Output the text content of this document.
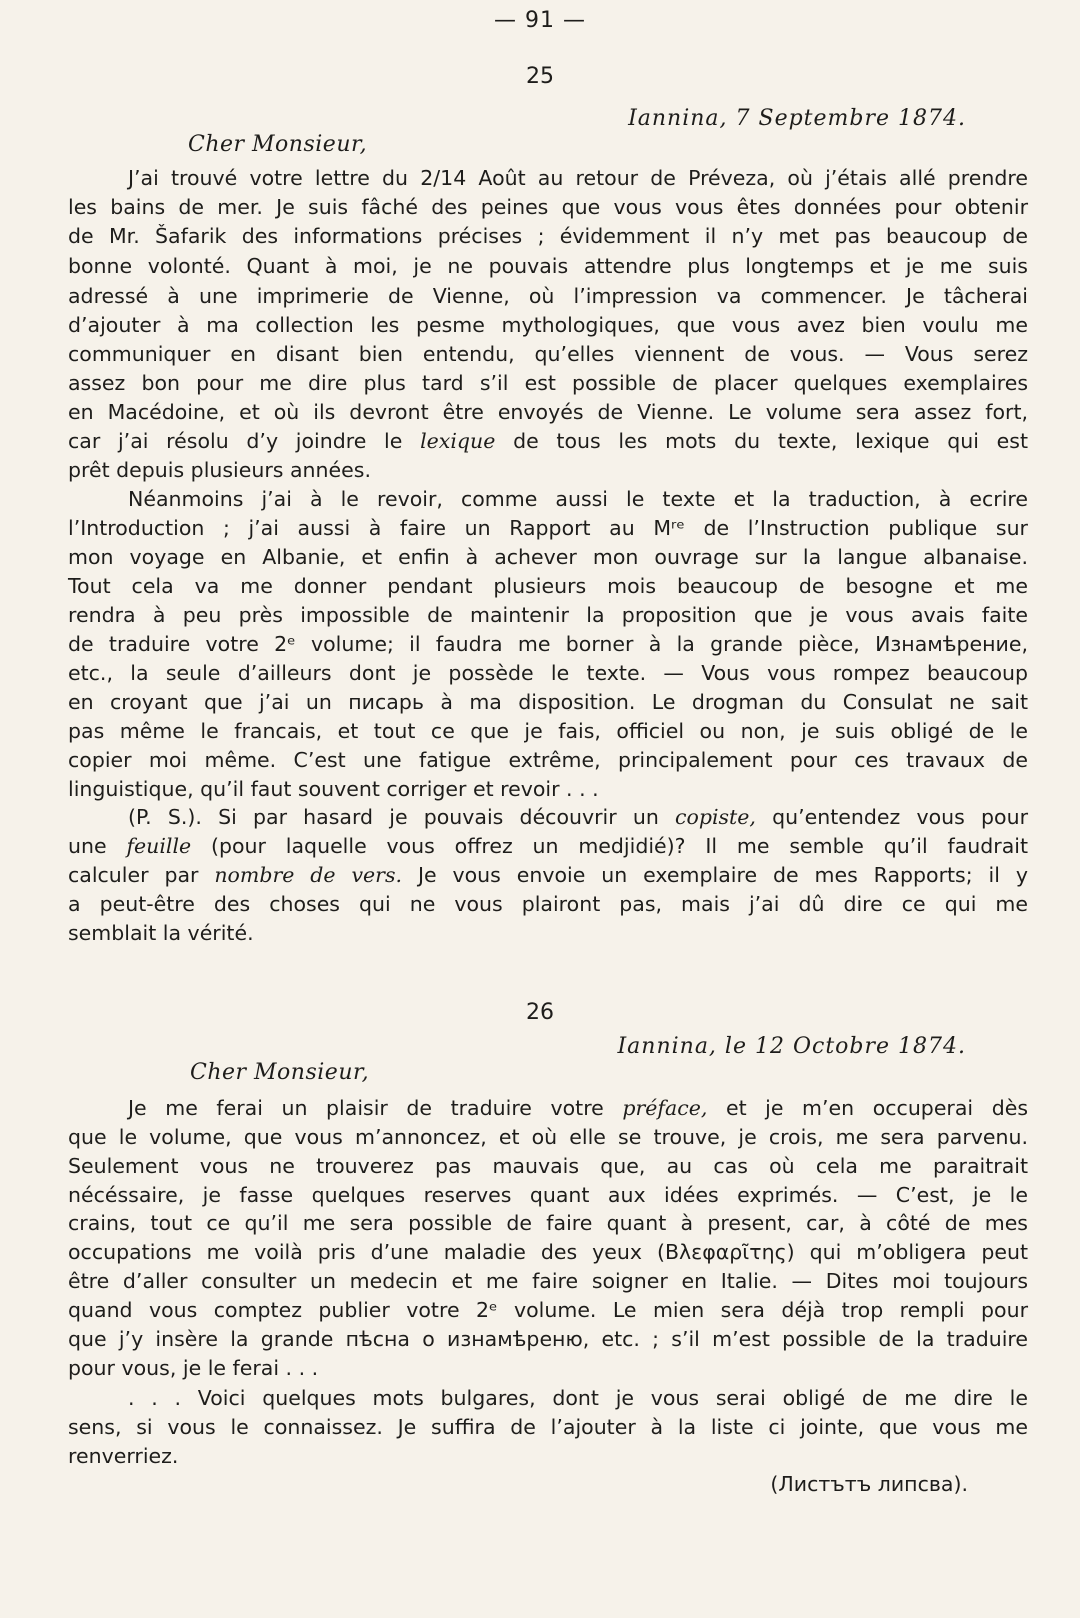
— 91 —

25

Iannina, 7 Septembre 1874.

Cher Monsieur,

J’ai trouvé votre lettre du 2/14 Août au retour de Préveza, où j’étais allé prendre

les bains de mer. Je suis fâché des peines que vous vous êtes données pour obtenir

de Mr. Šafarik des informations précises ; évidemment il n’y met pas beaucoup de

bonne volonté. Quant à moi, je ne pouvais attendre plus longtemps et je me suis

adressé à une imprimerie de Vienne, où l’impression va commencer. Je tâcherai

d’ajouter à ma collection les pesme mythologiques, que vous avez bien voulu me

communiquer en disant bien entendu, qu’elles viennent de vous. — Vous serez

assez bon pour me dire plus tard s’il est possible de placer quelques exemplaires

en Macédoine, et où ils devront être envoyés de Vienne. Le volume sera assez fort,

car j’ai résolu d’y joindre le lexique de tous les mots du texte, lexique qui est

prêt depuis plusieurs années.

Néanmoins j’ai à le revoir, comme aussi le texte et la traduction, à ecrire

l’Introduction ; j’ai aussi à faire un Rapport au Mʳᵉ de l’Instruction publique sur

mon voyage en Albanie, et enfin à achever mon ouvrage sur la langue albanaise.

Tout cela va me donner pendant plusieurs mois beaucoup de besogne et me

rendra à peu près impossible de maintenir la proposition que je vous avais faite

de traduire votre 2ᵉ volume; il faudra me borner à la grande pièce, Изнамѣрение,

etc., la seule d’ailleurs dont je possède le texte. — Vous vous rompez beaucoup

en croyant que j’ai un писарь à ma disposition. Le drogman du Consulat ne sait

pas même le francais, et tout ce que je fais, officiel ou non, je suis obligé de le

copier moi même. C’est une fatigue extrême, principalement pour ces travaux de

linguistique, qu’il faut souvent corriger et revoir . . .

(P. S.). Si par hasard je pouvais découvrir un copiste, qu’entendez vous pour

une feuille (pour laquelle vous offrez un medjidié)? Il me semble qu’il faudrait

calculer par nombre de vers. Je vous envoie un exemplaire de mes Rapports; il y

a peut-être des choses qui ne vous plairont pas, mais j’ai dû dire ce qui me

semblait la vérité.

26

Iannina, le 12 Octobre 1874.

Cher Monsieur,

Je me ferai un plaisir de traduire votre préface, et je m’en occuperai dès

que le volume, que vous m’annoncez, et où elle se trouve, je crois, me sera parvenu.

Seulement vous ne trouverez pas mauvais que, au cas où cela me paraitrait

nécéssaire, je fasse quelques reserves quant aux idées exprimés. — C’est, je le

crains, tout ce qu’il me sera possible de faire quant à present, car, à côté de mes

occupations me voilà pris d’une maladie des yeux (Βλεφαρῖτης) qui m’obligera peut

être d’aller consulter un medecin et me faire soigner en Italie. — Dites moi toujours

quand vous comptez publier votre 2ᵉ volume. Le mien sera déjà trop rempli pour

que j’y insère la grande пѣсна о изнамѣреню, etc. ; s’il m’est possible de la traduire

pour vous, je le ferai . . .

. . . Voici quelques mots bulgares, dont je vous serai obligé de me dire le

sens, si vous le connaissez. Je suffira de l’ajouter à la liste ci jointe, que vous me

renverriez.

(Листътъ липсва).
